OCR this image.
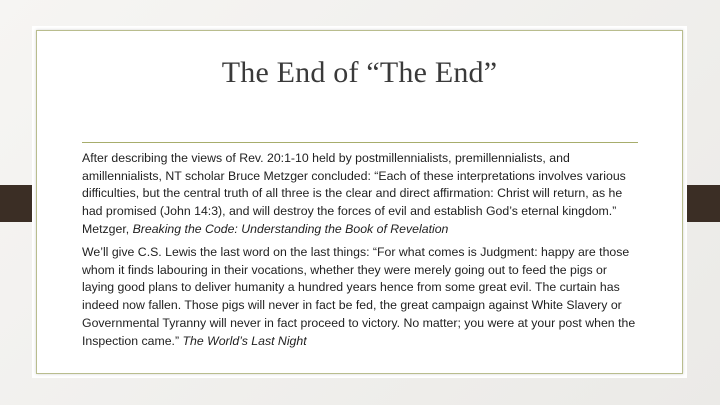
The End of “The End”

After describing the views of Rev. 20:1-10 held by postmillennialists, premillennialists, and amillennialists, NT scholar Bruce Metzger concluded: “Each of these interpretations involves various difficulties, but the central truth of all three is the clear and direct affirmation: Christ will return, as he had promised (John 14:3), and will destroy the forces of evil and establish God’s eternal kingdom.” Metzger, Breaking the Code: Understanding the Book of Revelation

We’ll give C.S. Lewis the last word on the last things: “For what comes is Judgment: happy are those whom it finds labouring in their vocations, whether they were merely going out to feed the pigs or laying good plans to deliver humanity a hundred years hence from some great evil. The curtain has indeed now fallen. Those pigs will never in fact be fed, the great campaign against White Slavery or Governmental Tyranny will never in fact proceed to victory. No matter; you were at your post when the Inspection came.” The World’s Last Night
